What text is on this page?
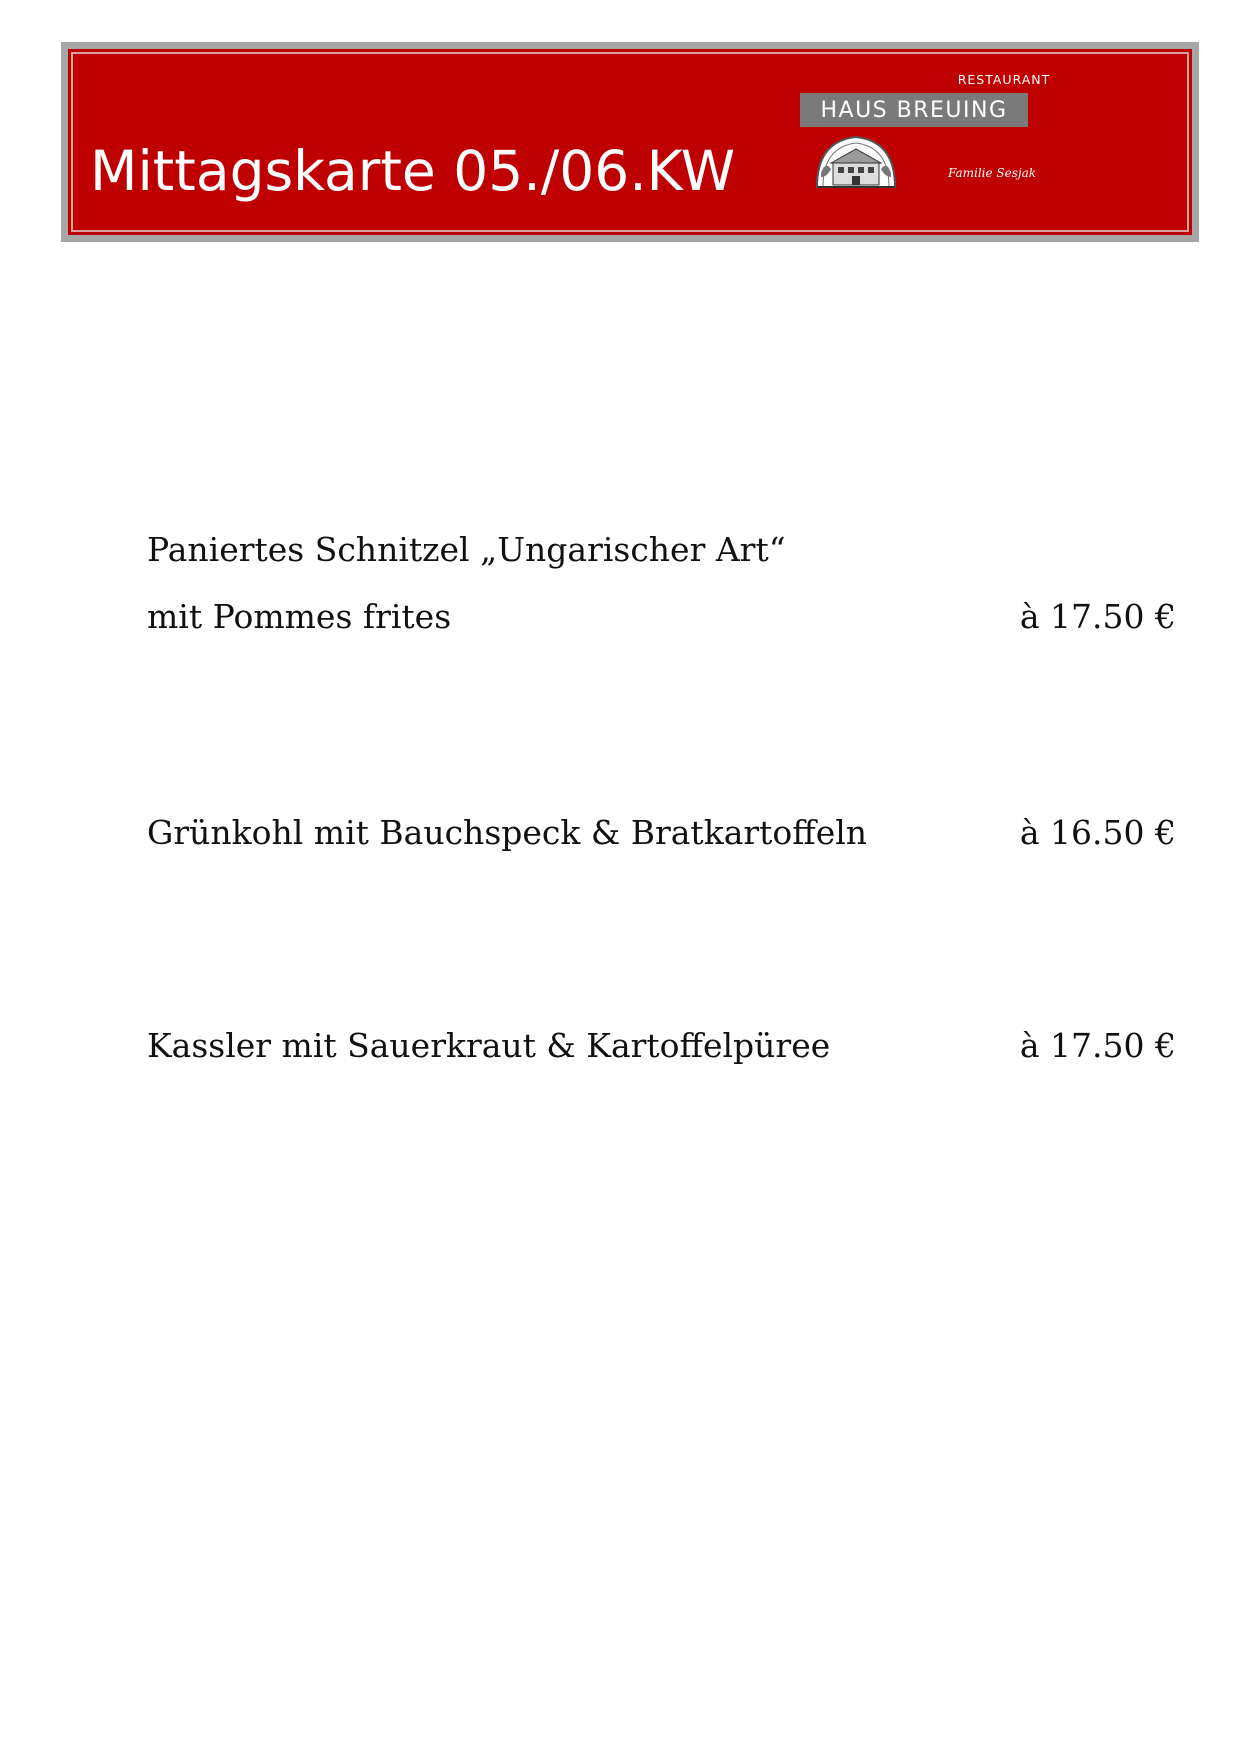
Mittagskarte 05./06.KW
RESTAURANT
HAUS BREUING
Familie Sesjak
Paniertes Schnitzel „Ungarischer Art“
mit Pommes frites	à 17.50 €
Grünkohl mit Bauchspeck & Bratkartoffeln	à 16.50 €
Kassler mit Sauerkraut & Kartoffelpüree	à 17.50 €
